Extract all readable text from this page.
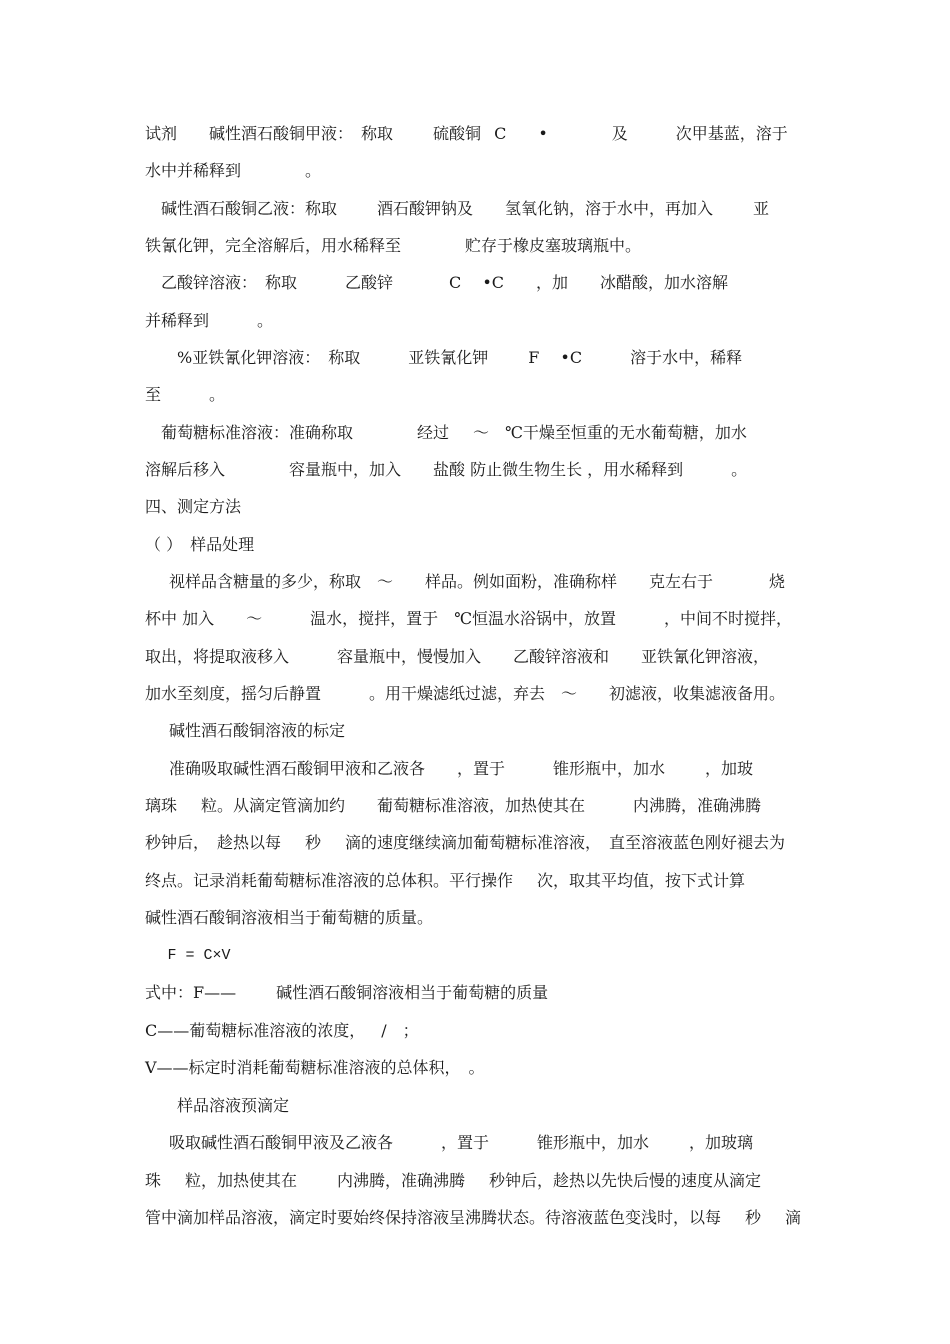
试剂　　碱性酒石酸铜甲液： 称取　　 硫酸铜  C　　•　　　　及　　　次甲基蓝，溶于
水中并稀释到　　　　。
　碱性酒石酸铜乙液：称取　　 酒石酸钾钠及　　氢氧化钠，溶于水中，再加入　　 亚
铁氰化钾，完全溶解后，用水稀释至　　　　贮存于橡皮塞玻璃瓶中。
　乙酸锌溶液： 称取　　　乙酸锌　　　 C　 •C　　，加　　冰醋酸，加水溶解
并稀释到　　　。
　　%亚铁氰化钾溶液： 称取　　　亚铁氰化钾　　 F　 •C　　　溶于水中，稀释
至　　　。
　葡萄糖标准溶液：准确称取　　　　经过　 ～　℃干燥至恒重的无水葡萄糖，加水
溶解后移入　　　　容量瓶中，加入　　盐酸 防止微生物生长 ，用水稀释到　　　。
四、测定方法
（ ） 样品处理
　 视样品含糖量的多少，称取　～　　样品。例如面粉，准确称样　　克左右于　　　 烧
杯中 加入　　～　　　温水，搅拌，置于　℃恒温水浴锅中，放置　　　，中间不时搅拌，
取出，将提取液移入　　　容量瓶中，慢慢加入　　乙酸锌溶液和　　亚铁氰化钾溶液，
加水至刻度，摇匀后静置　　　。用干燥滤纸过滤，弃去　～　　初滤液，收集滤液备用。
　 碱性酒石酸铜溶液的标定
　 准确吸取碱性酒石酸铜甲液和乙液各　　，置于　　　锥形瓶中，加水　　 ，加玻
璃珠　 粒。从滴定管滴加约　　葡萄糖标准溶液，加热使其在　　　内沸腾，准确沸腾
秒钟后， 趁热以每　 秒　 滴的速度继续滴加葡萄糖标准溶液， 直至溶液蓝色刚好褪去为
终点。记录消耗葡萄糖标准溶液的总体积。平行操作　 次，取其平均值，按下式计算
碱性酒石酸铜溶液相当于葡萄糖的质量。
　 F = C×V
式中：F——　　 碱性酒石酸铜溶液相当于葡萄糖的质量
C——葡萄糖标准溶液的浓度，　 /　；
V——标定时消耗葡萄糖标准溶液的总体积，　。
　　样品溶液预滴定
　 吸取碱性酒石酸铜甲液及乙液各　　　，置于　　　锥形瓶中，加水　　 ，加玻璃
珠　 粒，加热使其在　　 内沸腾，准确沸腾　 秒钟后，趁热以先快后慢的速度从滴定
管中滴加样品溶液，滴定时要始终保持溶液呈沸腾状态。待溶液蓝色变浅时，以每　 秒　 滴
